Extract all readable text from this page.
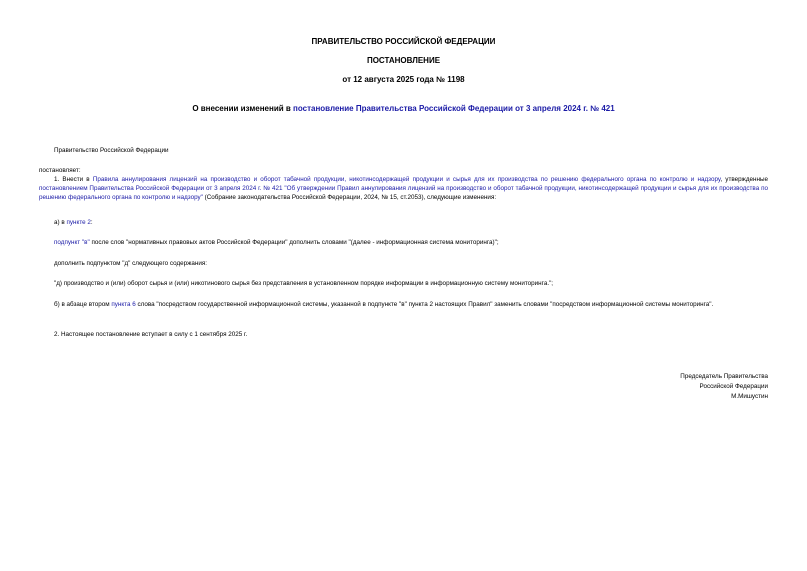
ПРАВИТЕЛЬСТВО РОССИЙСКОЙ ФЕДЕРАЦИИ
ПОСТАНОВЛЕНИЕ
от 12 августа 2025 года № 1198
О внесении изменений в постановление Правительства Российской Федерации от 3 апреля 2024 г. № 421
Правительство Российской Федерации
постановляет:
1. Внести в Правила аннулирования лицензий на производство и оборот табачной продукции, никотинсодержащей продукции и сырья для их производства по решению федерального органа по контролю и надзору, утвержденные постановлением Правительства Российской Федерации от 3 апреля 2024 г. № 421 "Об утверждении Правил аннулирования лицензий на производство и оборот табачной продукции, никотинсодержащей продукции и сырья для их производства по решению федерального органа по контролю и надзору" (Собрание законодательства Российской Федерации, 2024, № 15, ст.2053), следующие изменения:
а) в пункте 2:
подпункт "в" после слов "нормативных правовых актов Российской Федерации" дополнить словами "(далее - информационная система мониторинга)";
дополнить подпунктом "д" следующего содержания:
"д) производство и (или) оборот сырья и (или) никотинового сырья без представления в установленном порядке информации в информационную систему мониторинга.";
б) в абзаце втором пункта 6 слова "посредством государственной информационной системы, указанной в подпункте "в" пункта 2 настоящих Правил" заменить словами "посредством информационной системы мониторинга".
2. Настоящее постановление вступает в силу с 1 сентября 2025 г.
Председатель Правительства
Российской Федерации
М.Мишустин
